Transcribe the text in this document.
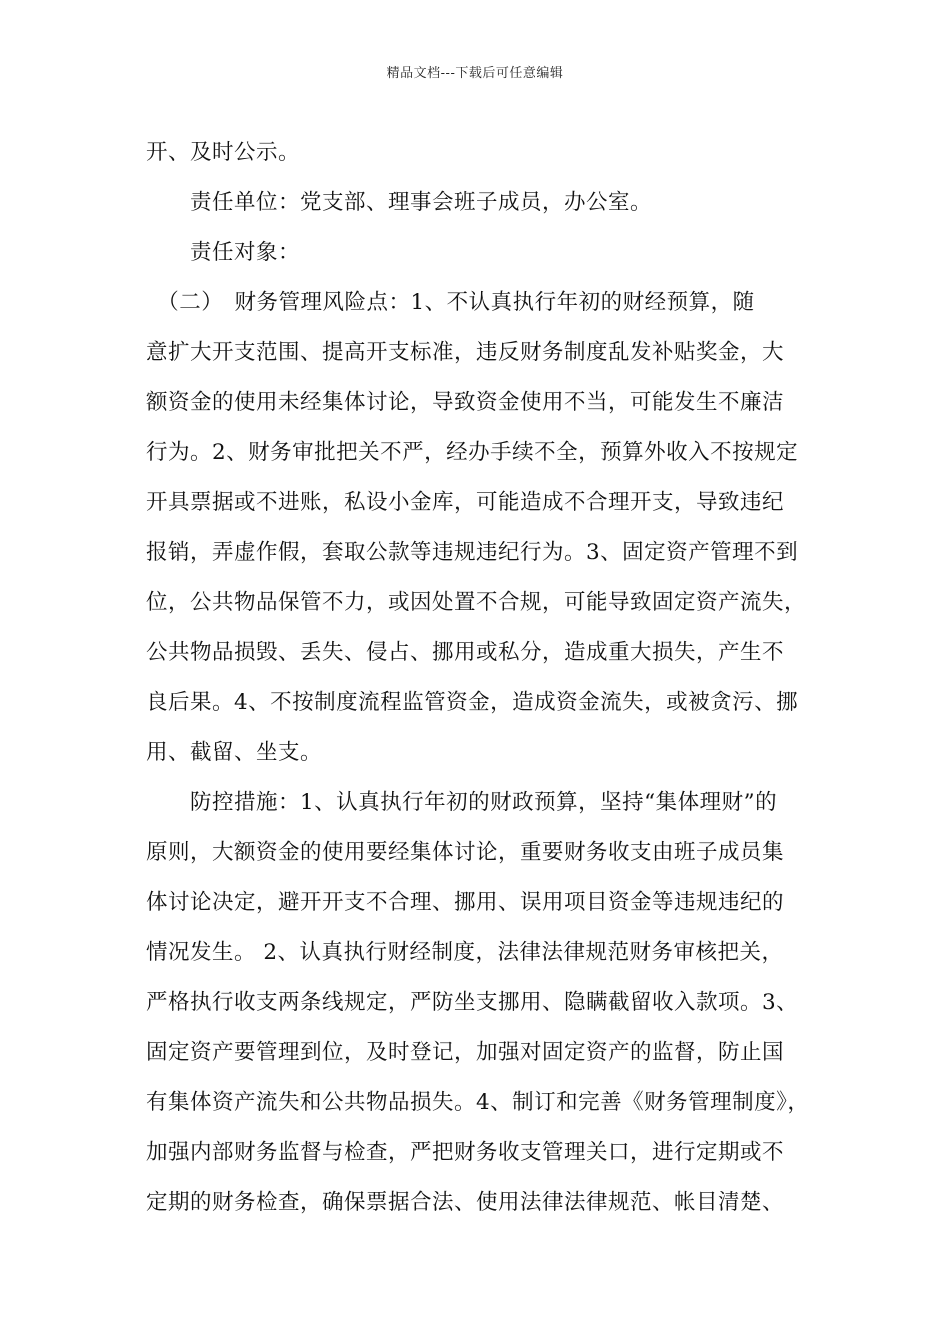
精品文档---下载后可任意编辑
开、及时公示。
　　责任单位：党支部、理事会班子成员，办公室。
　　责任对象：
　（二）　财务管理风险点：1、不认真执行年初的财经预算，随
意扩大开支范围、提高开支标准，违反财务制度乱发补贴奖金，大
额资金的使用未经集体讨论，导致资金使用不当，可能发生不廉洁
行为。2、财务审批把关不严，经办手续不全，预算外收入不按规定
开具票据或不进账，私设小金库，可能造成不合理开支，导致违纪
报销，弄虚作假，套取公款等违规违纪行为。3、固定资产管理不到
位，公共物品保管不力，或因处置不合规，可能导致固定资产流失，
公共物品损毁、丢失、侵占、挪用或私分，造成重大损失，产生不
良后果。4、不按制度流程监管资金，造成资金流失，或被贪污、挪
用、截留、坐支。
　　防控措施：1、认真执行年初的财政预算，坚持“集体理财”的
原则，大额资金的使用要经集体讨论，重要财务收支由班子成员集
体讨论决定，避开开支不合理、挪用、误用项目资金等违规违纪的
情况发生。 2、认真执行财经制度，法律法律规范财务审核把关，
严格执行收支两条线规定，严防坐支挪用、隐瞒截留收入款项。3、
固定资产要管理到位，及时登记，加强对固定资产的监督，防止国
有集体资产流失和公共物品损失。4、制订和完善《财务管理制度》，
加强内部财务监督与检查，严把财务收支管理关口，进行定期或不
定期的财务检查，确保票据合法、使用法律法律规范、帐目清楚、
